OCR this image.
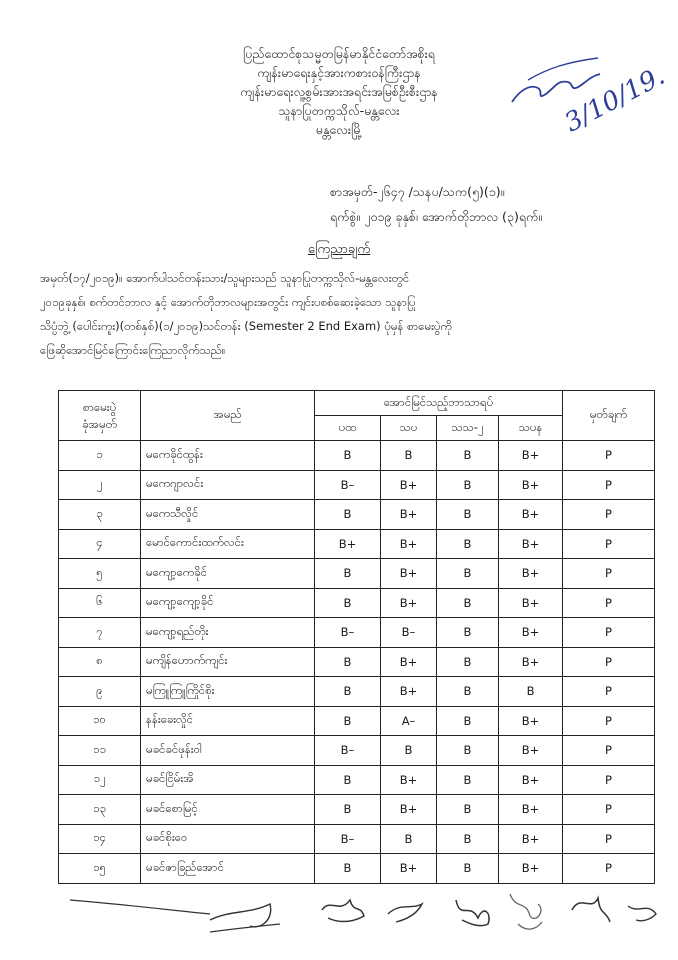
ပြည်ထောင်စုသမ္မတမြန်မာနိုင်ငံတော်အစိုးရ
ကျန်းမာရေးနှင့်အားကစားဝန်ကြီးဌာန
ကျန်းမာရေးလူ့စွမ်းအားအရင်းအမြစ်ဦးစီးဌာန
သူနာပြုတက္ကသိုလ်-မန္တလေး
မန္တလေးမြို့	3/10/19.
စာအမှတ်-၂၆၄၇ /သနပ/သက(၅)(၁)။
ရက်စွဲ။ ၂၀၁၉ ခုနှစ်၊ အောက်တိုဘာလ (၃)ရက်။
ကြေညာချက်
အမှတ်(၁၇/၂၀၁၉)။ အောက်ပါသင်တန်းသား/သူများသည် သူနာပြုတက္ကသိုလ်-မန္တလေးတွင်
၂၀၁၉ခုနှစ်၊ စက်တင်ဘာလ နှင့် အောက်တိုဘာလများအတွင်း ကျင်းပစစ်ဆေးခဲ့သော သူနာပြု
သိပ္ပံဘွဲ့ (ပေါင်းကူး)(တစ်နှစ်)(၁/၂၀၁၉)သင်တန်း (Semester 2 End Exam) ပုံမှန် စာမေးပွဲကို
ဖြေဆိုအောင်မြင်ကြောင်းကြေညာလိုက်သည်။
စာမေးပွဲ
ခုံအမှတ်	အမည်	အောင်မြင်သည့်ဘာသာရပ်				မှတ်ချက်
		ပထ	သပ	သသ-၂	သပန	
၁	မကေခိုင်ထွန်း	B	B	B	B+	P
၂	မကေဂျာလင်း	B–	B+	B	B+	P
၃	မကေသီလှိုင်	B	B+	B	B+	P
၄	မောင်ကောင်းထက်လင်း	B+	B+	B	B+	P
၅	မကျော့ကေခိုင်	B	B+	B	B+	P
၆	မကျော့ကျော့ခိုင်	B	B+	B	B+	P
၇	မကျော့ရည်တိုး	B–	B–	B	B+	P
၈	မကျိန်ဟောက်ကျင်း	B	B+	B	B+	P
၉	မကြူကြူကြိုင်စိုး	B	B+	B	B	P
၁၀	နန်းခေးလှိုင်	B	A–	B	B+	P
၁၁	မခင်ခင်ဖုန်းဝါ	B–	B	B	B+	P
၁၂	မခင်ငြိမ်းအိ	B	B+	B	B+	P
၁၃	မခင်စောမြင့်	B	B+	B	B+	P
၁၄	မခင်စိုးဝေ	B–	B	B	B+	P
၁၅	မခင်ဇာခြည်အောင်	B	B+	B	B+	P
